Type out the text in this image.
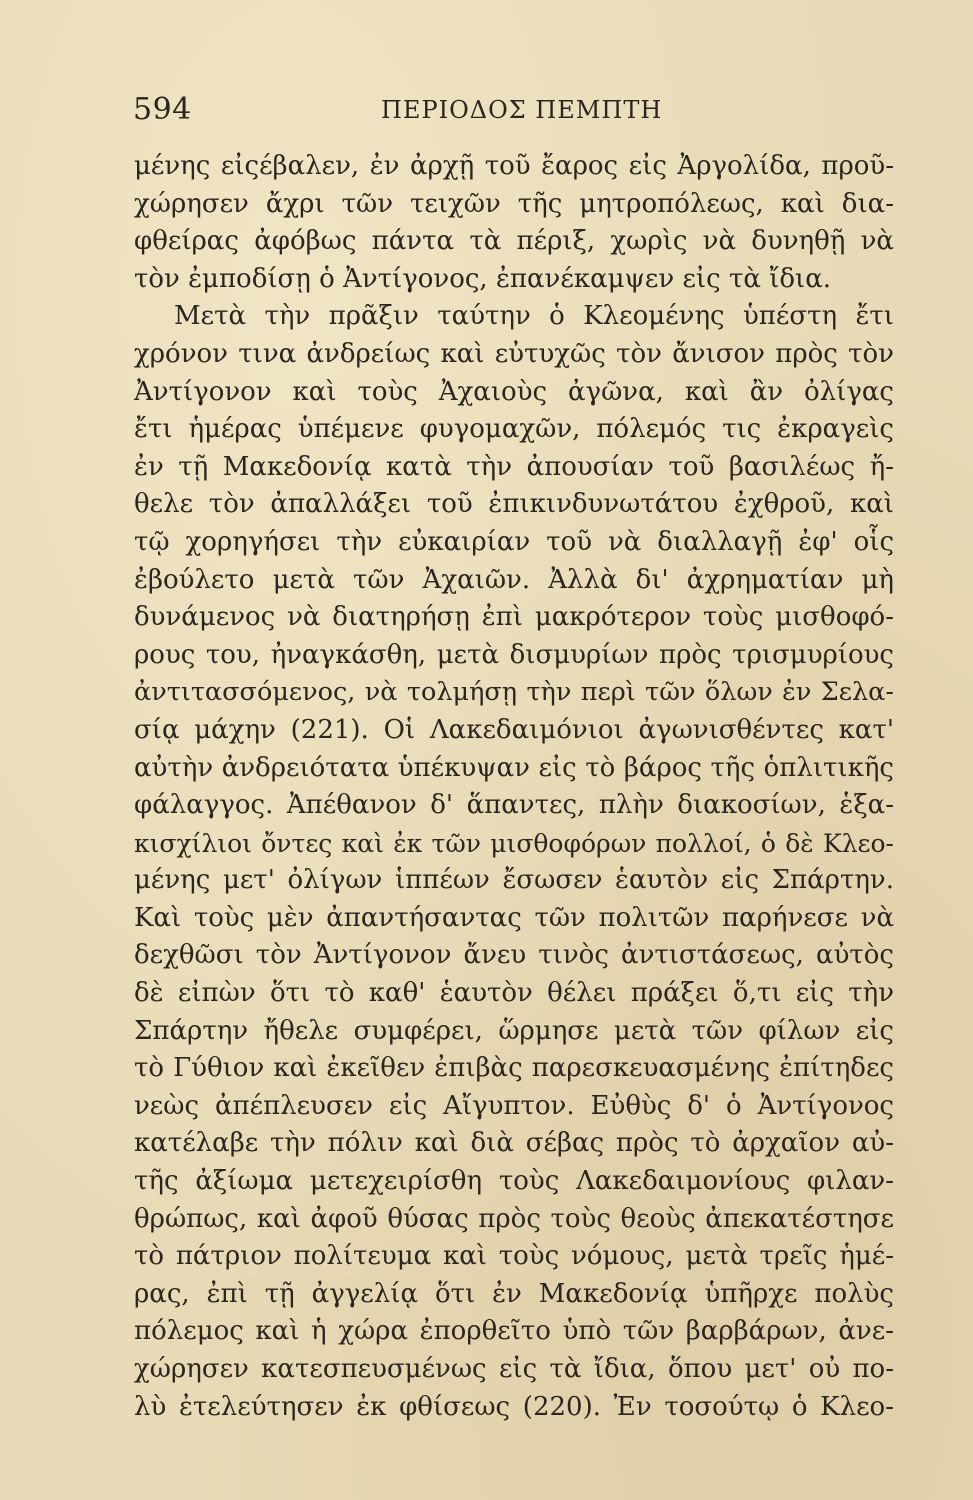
594	ΠΕΡΙΟΔΟΣ ΠΕΜΠΤΗ
μένης εἰςέβαλεν, ἐν ἀρχῇ τοῦ ἔαρος εἰς Ἀργολίδα, προῦ-
χώρησεν ἄχρι τῶν τειχῶν τῆς μητροπόλεως, καὶ δια-
φθείρας ἀφόβως πάντα τὰ πέριξ, χωρὶς νὰ δυνηθῇ νὰ
τὸν ἐμποδίσῃ ὁ Ἀντίγονος, ἐπανέκαμψεν εἰς τὰ ἴδια.
Μετὰ τὴν πρᾶξιν ταύτην ὁ Κλεομένης ὑπέστη ἔτι
χρόνον τινα ἀνδρείως καὶ εὐτυχῶς τὸν ἄνισον πρὸς τὸν
Ἀντίγονον καὶ τοὺς Ἀχαιοὺς ἀγῶνα, καὶ ἂν ὀλίγας
ἔτι ἡμέρας ὑπέμενε φυγομαχῶν, πόλεμός τις ἐκραγεὶς
ἐν τῇ Μακεδονίᾳ κατὰ τὴν ἀπουσίαν τοῦ βασιλέως ἤ-
θελε τὸν ἀπαλλάξει τοῦ ἐπικινδυνωτάτου ἐχθροῦ, καὶ
τῷ χορηγήσει τὴν εὐκαιρίαν τοῦ νὰ διαλλαγῇ ἐφ' οἷς
ἐβούλετο μετὰ τῶν Ἀχαιῶν. Ἀλλὰ δι' ἀχρηματίαν μὴ
δυνάμενος νὰ διατηρήσῃ ἐπὶ μακρότερον τοὺς μισθοφό-
ρους του, ἠναγκάσθη, μετὰ δισμυρίων πρὸς τρισμυρίους
ἀντιτασσόμενος, νὰ τολμήσῃ τὴν περὶ τῶν ὅλων ἐν Σελα-
σίᾳ μάχην (221). Οἱ Λακεδαιμόνιοι ἀγωνισθέντες κατ'
αὐτὴν ἀνδρειότατα ὑπέκυψαν εἰς τὸ βάρος τῆς ὁπλιτικῆς
φάλαγγος. Ἀπέθανον δ' ἅπαντες, πλὴν διακοσίων, ἑξα-
κισχίλιοι ὄντες καὶ ἐκ τῶν μισθοφόρων πολλοί, ὁ δὲ Κλεο-
μένης μετ' ὀλίγων ἱππέων ἔσωσεν ἑαυτὸν εἰς Σπάρτην.
Καὶ τοὺς μὲν ἀπαντήσαντας τῶν πολιτῶν παρήνεσε νὰ
δεχθῶσι τὸν Ἀντίγονον ἄνευ τινὸς ἀντιστάσεως, αὐτὸς
δὲ εἰπὼν ὅτι τὸ καθ' ἑαυτὸν θέλει πράξει ὅ,τι εἰς τὴν
Σπάρτην ἤθελε συμφέρει, ὥρμησε μετὰ τῶν φίλων εἰς
τὸ Γύθιον καὶ ἐκεῖθεν ἐπιβὰς παρεσκευασμένης ἐπίτηδες
νεὼς ἀπέπλευσεν εἰς Αἴγυπτον. Εὐθὺς δ' ὁ Ἀντίγονος
κατέλαβε τὴν πόλιν καὶ διὰ σέβας πρὸς τὸ ἀρχαῖον αὐ-
τῆς ἀξίωμα μετεχειρίσθη τοὺς Λακεδαιμονίους φιλαν-
θρώπως, καὶ ἀφοῦ θύσας πρὸς τοὺς θεοὺς ἀπεκατέστησε
τὸ πάτριον πολίτευμα καὶ τοὺς νόμους, μετὰ τρεῖς ἡμέ-
ρας, ἐπὶ τῇ ἀγγελίᾳ ὅτι ἐν Μακεδονίᾳ ὑπῆρχε πολὺς
πόλεμος καὶ ἡ χώρα ἐπορθεῖτο ὑπὸ τῶν βαρβάρων, ἀνε-
χώρησεν κατεσπευσμένως εἰς τὰ ἴδια, ὅπου μετ' οὐ πο-
λὺ ἐτελεύτησεν ἐκ φθίσεως (220). Ἐν τοσούτῳ ὁ Κλεο-
